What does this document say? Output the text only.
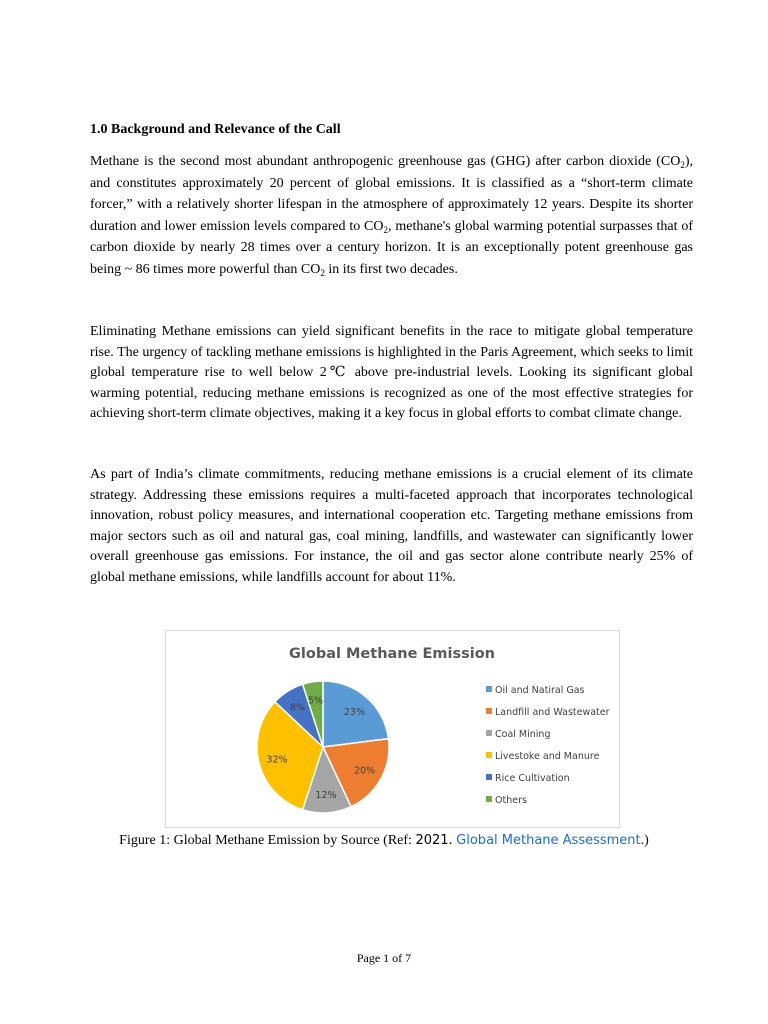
1.0 Background and Relevance of the Call

Methane is the second most abundant anthropogenic greenhouse gas (GHG) after carbon dioxide $(CO_2)$, and constitutes approximately 20 percent of global emissions. It is classified as a “short-term climate forcer,” with a relatively shorter lifespan in the atmosphere of approximately 12 years. Despite its shorter duration and lower emission levels compared to $CO_2$, methane's global warming potential surpasses that of carbon dioxide by nearly 28 times over a century horizon. It is an exceptionally potent greenhouse gas being ~ 86 times more powerful than $CO_2$ in its first two decades.

Eliminating Methane emissions can yield significant benefits in the race to mitigate global temperature rise. The urgency of tackling methane emissions is highlighted in the Paris Agreement, which seeks to limit global temperature rise to well below 2℃ above pre-industrial levels. Looking its significant global warming potential, reducing methane emissions is recognized as one of the most effective strategies for achieving short-term climate objectives, making it a key focus in global efforts to combat climate change.

As part of India’s climate commitments, reducing methane emissions is a crucial element of its climate strategy. Addressing these emissions requires a multi-faceted approach that incorporates technological innovation, robust policy measures, and international cooperation etc. Targeting methane emissions from major sectors such as oil and natural gas, coal mining, landfills, and wastewater can significantly lower overall greenhouse gas emissions. For instance, the oil and gas sector alone contribute nearly 25% of global methane emissions, while landfills account for about 11%.

Global Methane Emission
23%
20%
12%
32%
8%
5%
Oil and Natiral Gas
Landfill and Wastewater
Coal Mining
Livestoke and Manure
Rice Cultivation
Others
Figure 1: Global Methane Emission by Source (Ref: 2021. Global Methane Assessment.)
Page 1 of 7
